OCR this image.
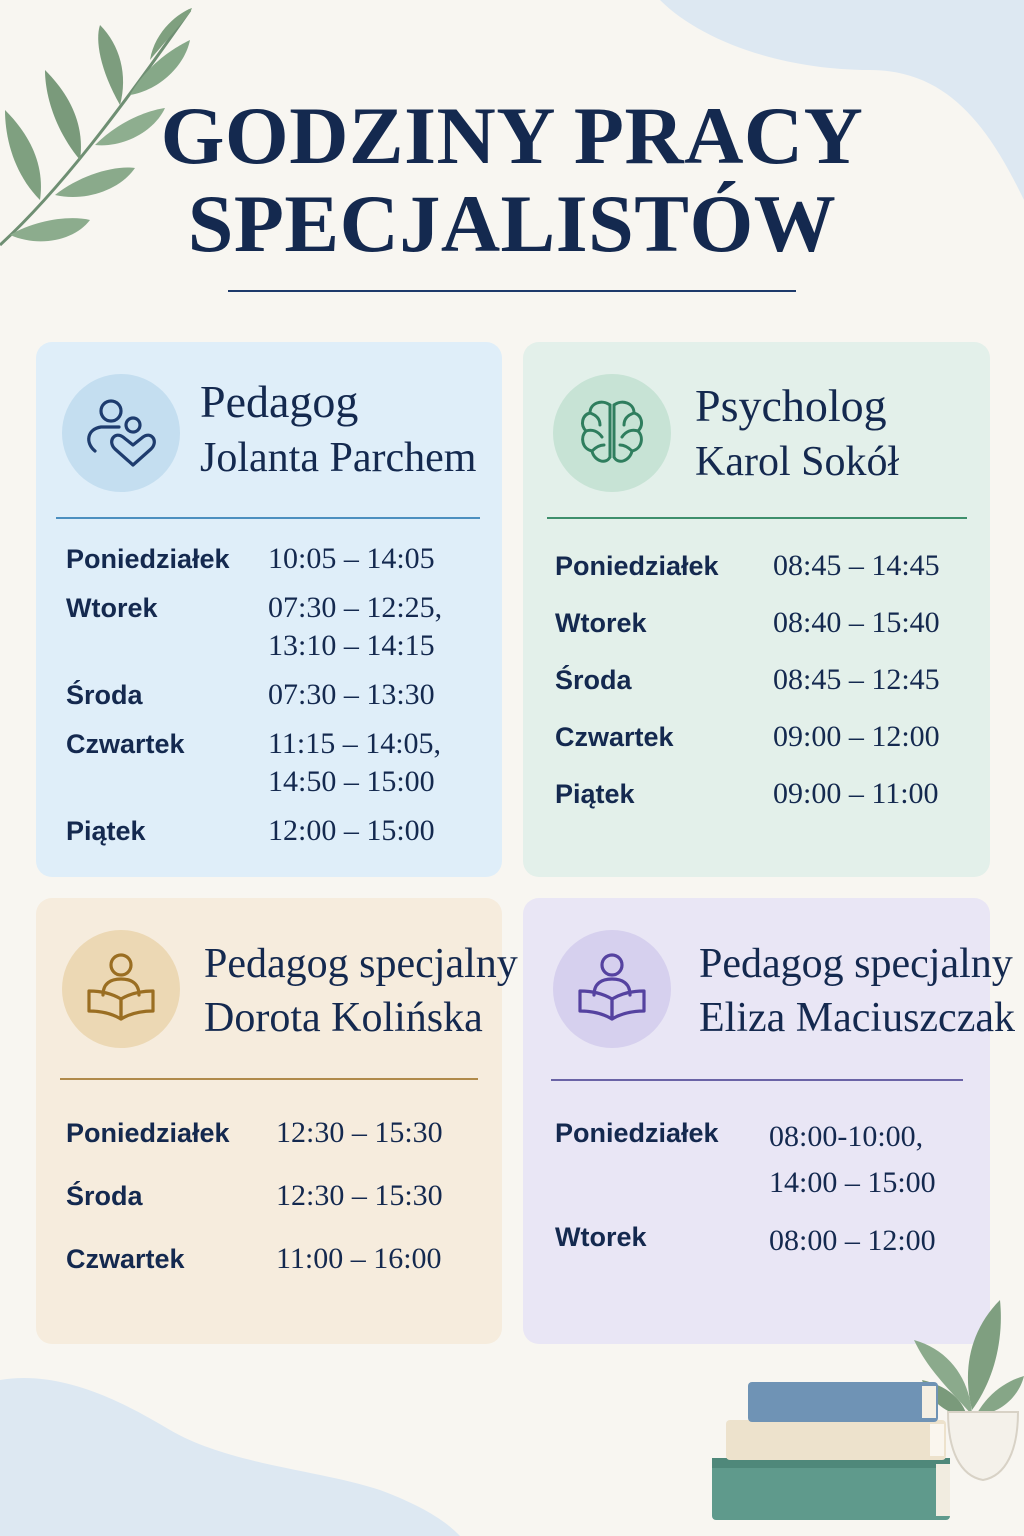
GODZINY PRACY
SPECJALISTÓW
Pedagog
Jolanta Parchem
Poniedziałek	10:05 – 14:05
Wtorek	07:30 – 12:25,
13:10 – 14:15
Środa	07:30 – 13:30
Czwartek	11:15 – 14:05,
14:50 – 15:00
Piątek	12:00 – 15:00
Psycholog
Karol Sokół
Poniedziałek	08:45 – 14:45
Wtorek	08:40 – 15:40
Środa	08:45 – 12:45
Czwartek	09:00 – 12:00
Piątek	09:00 – 11:00
Pedagog specjalny
Dorota Kolińska
Poniedziałek	12:30 – 15:30
Środa	12:30 – 15:30
Czwartek	11:00 – 16:00
Pedagog specjalny
Eliza Maciuszczak
Poniedziałek	08:00-10:00,
14:00 – 15:00
Wtorek	08:00 – 12:00
